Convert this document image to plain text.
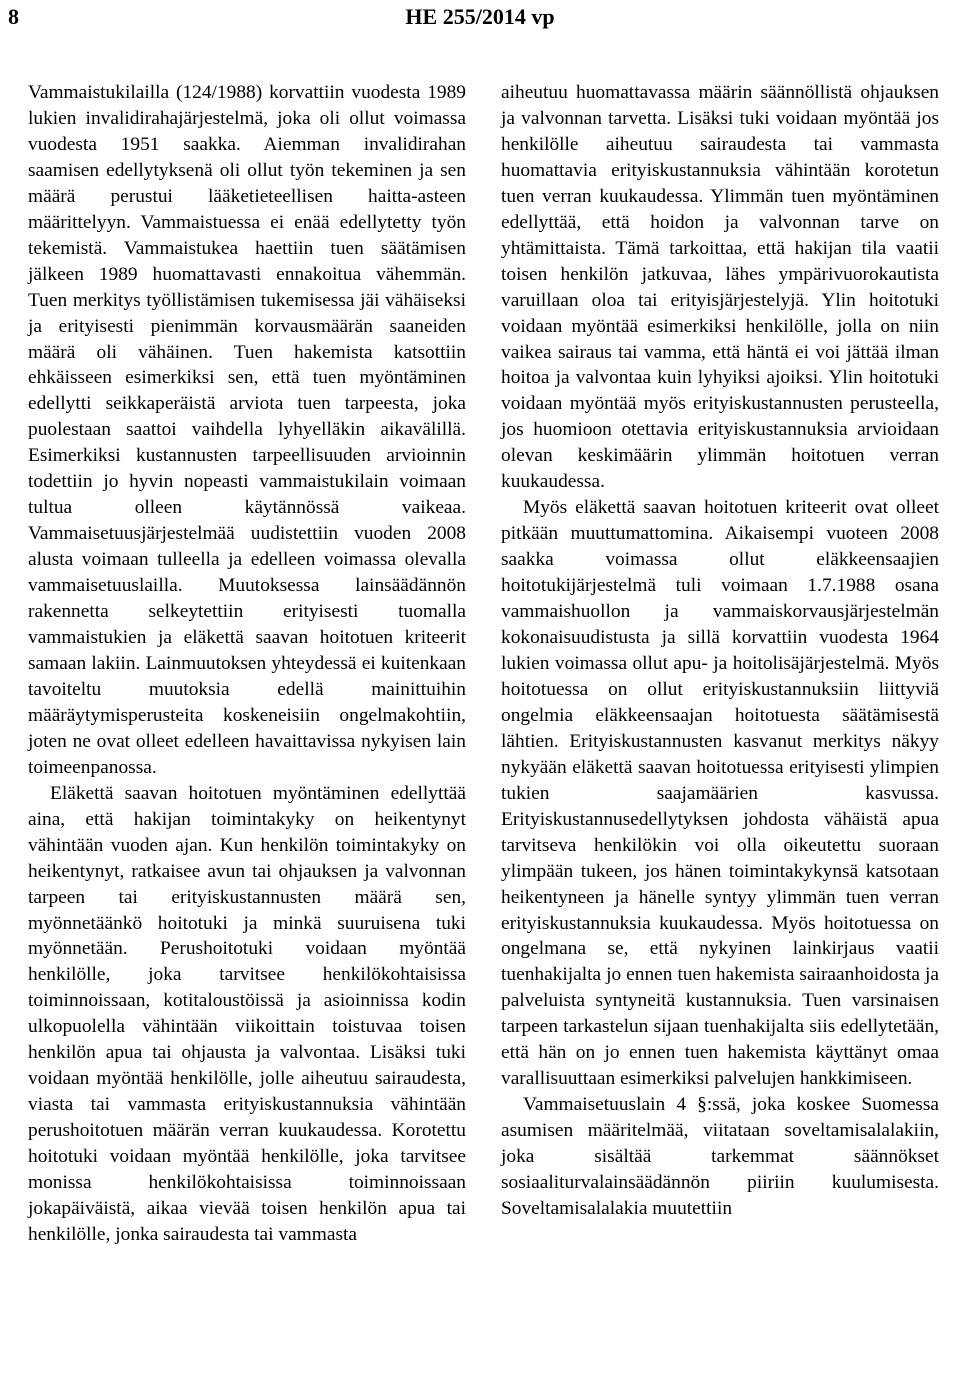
8	HE 255/2014 vp

Vammaistukilailla (124/1988) korvattiin vuodesta 1989 lukien invalidirahajärjestelmä, joka oli ollut voimassa vuodesta 1951 saakka. Aiemman invalidirahan saamisen edellytyksenä oli ollut työn tekeminen ja sen määrä perustui lääketieteellisen haitta-asteen määrittelyyn. Vammaistuessa ei enää edellytetty työn tekemistä. Vammaistukea haettiin tuen säätämisen jälkeen 1989 huomattavasti ennakoitua vähemmän. Tuen merkitys työllistämisen tukemisessa jäi vähäiseksi ja erityisesti pienimmän korvausmäärän saaneiden määrä oli vähäinen. Tuen hakemista katsottiin ehkäisseen esimerkiksi sen, että tuen myöntäminen edellytti seikkaperäistä arviota tuen tarpeesta, joka puolestaan saattoi vaihdella lyhyelläkin aikavälillä. Esimerkiksi kustannusten tarpeellisuuden arvioinnin todettiin jo hyvin nopeasti vammaistukilain voimaan tultua olleen käytännössä vaikeaa. Vammaisetuusjärjestelmää uudistettiin vuoden 2008 alusta voimaan tulleella ja edelleen voimassa olevalla vammaisetuuslailla. Muutoksessa lainsäädännön rakennetta selkeytettiin erityisesti tuomalla vammaistukien ja eläkettä saavan hoitotuen kriteerit samaan lakiin. Lainmuutoksen yhteydessä ei kuitenkaan tavoiteltu muutoksia edellä mainittuihin määräytymisperusteita koskeneisiin ongelmakohtiin, joten ne ovat olleet edelleen havaittavissa nykyisen lain toimeenpanossa.

Eläkettä saavan hoitotuen myöntäminen edellyttää aina, että hakijan toimintakyky on heikentynyt vähintään vuoden ajan. Kun henkilön toimintakyky on heikentynyt, ratkaisee avun tai ohjauksen ja valvonnan tarpeen tai erityiskustannusten määrä sen, myönnetäänkö hoitotuki ja minkä suuruisena tuki myönnetään. Perushoitotuki voidaan myöntää henkilölle, joka tarvitsee henkilökohtaisissa toiminnoissaan, kotitaloustöissä ja asioinnissa kodin ulkopuolella vähintään viikoittain toistuvaa toisen henkilön apua tai ohjausta ja valvontaa. Lisäksi tuki voidaan myöntää henkilölle, jolle aiheutuu sairaudesta, viasta tai vammasta erityiskustannuksia vähintään perushoitotuen määrän verran kuukaudessa. Korotettu hoitotuki voidaan myöntää henkilölle, joka tarvitsee monissa henkilökohtaisissa toiminnoissaan jokapäiväistä, aikaa vievää toisen henkilön apua tai henkilölle, jonka sairaudesta tai vammasta

aiheutuu huomattavassa määrin säännöllistä ohjauksen ja valvonnan tarvetta. Lisäksi tuki voidaan myöntää jos henkilölle aiheutuu sairaudesta tai vammasta huomattavia erityiskustannuksia vähintään korotetun tuen verran kuukaudessa. Ylimmän tuen myöntäminen edellyttää, että hoidon ja valvonnan tarve on yhtämittaista. Tämä tarkoittaa, että hakijan tila vaatii toisen henkilön jatkuvaa, lähes ympärivuorokautista varuillaan oloa tai erityisjärjestelyjä. Ylin hoitotuki voidaan myöntää esimerkiksi henkilölle, jolla on niin vaikea sairaus tai vamma, että häntä ei voi jättää ilman hoitoa ja valvontaa kuin lyhyiksi ajoiksi. Ylin hoitotuki voidaan myöntää myös erityiskustannusten perusteella, jos huomioon otettavia erityiskustannuksia arvioidaan olevan keskimäärin ylimmän hoitotuen verran kuukaudessa.

Myös eläkettä saavan hoitotuen kriteerit ovat olleet pitkään muuttumattomina. Aikaisempi vuoteen 2008 saakka voimassa ollut eläkkeensaajien hoitotukijärjestelmä tuli voimaan 1.7.1988 osana vammaishuollon ja vammaiskorvausjärjestelmän kokonaisuudistusta ja sillä korvattiin vuodesta 1964 lukien voimassa ollut apu- ja hoitolisäjärjestelmä. Myös hoitotuessa on ollut erityiskustannuksiin liittyviä ongelmia eläkkeensaajan hoitotuesta säätämisestä lähtien. Erityiskustannusten kasvanut merkitys näkyy nykyään eläkettä saavan hoitotuessa erityisesti ylimpien tukien saajamäärien kasvussa. Erityiskustannusedellytyksen johdosta vähäistä apua tarvitseva henkilökin voi olla oikeutettu suoraan ylimpään tukeen, jos hänen toimintakykynsä katsotaan heikentyneen ja hänelle syntyy ylimmän tuen verran erityiskustannuksia kuukaudessa. Myös hoitotuessa on ongelmana se, että nykyinen lainkirjaus vaatii tuenhakijalta jo ennen tuen hakemista sairaanhoidosta ja palveluista syntyneitä kustannuksia. Tuen varsinaisen tarpeen tarkastelun sijaan tuenhakijalta siis edellytetään, että hän on jo ennen tuen hakemista käyttänyt omaa varallisuuttaan esimerkiksi palvelujen hankkimiseen.

Vammaisetuuslain 4 §:ssä, joka koskee Suomessa asumisen määritelmää, viitataan soveltamisalalakiin, joka sisältää tarkemmat säännökset sosiaaliturvalainsäädännön piiriin kuulumisesta. Soveltamisalalakia muutettiin
